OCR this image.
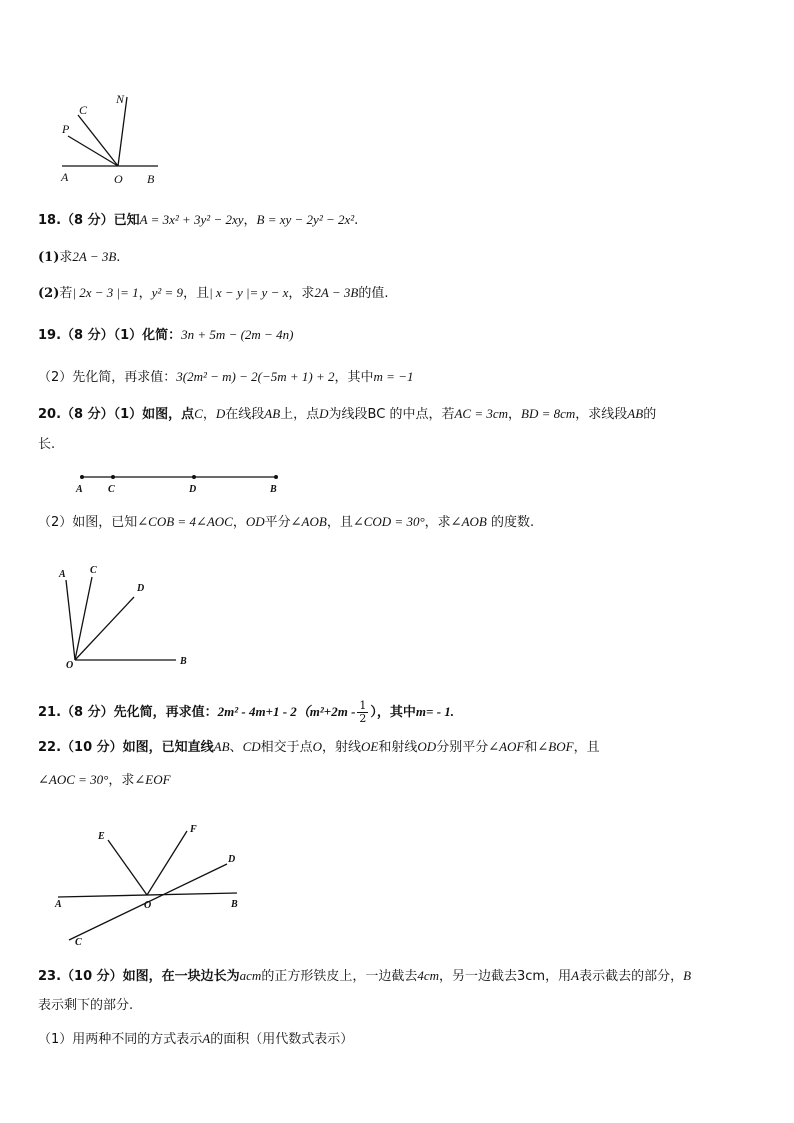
N
C
P
A	O B
18.（8 分）已知A = 3x² + 3y² − 2xy，B = xy − 2y² − 2x².
(1)求2A − 3B.
(2)若| 2x − 3 |= 1，y² = 9，且| x − y |= y − x，求2A − 3B的值.
19.（8 分）（1）化简：3n + 5m − (2m − 4n)
（2）先化简，再求值：3(2m² − m) − 2(−5m + 1) + 2，其中m = −1
20.（8 分）（1）如图，点C，D在线段AB上，点D为线段BC 的中点，若AC = 3cm，BD = 8cm，求线段AB的
长.
A	C	D	B
（2）如图，已知∠COB = 4∠AOC，OD平分∠AOB，且∠COD = 30°，求∠AOB 的度数.
A C
D
O	B
21.（8 分）先化简，再求值：$2m^2 - 4m+1 - 2(m^2+2m - \frac{1}{2}$ ），其中m= - 1.
22.（10 分）如图，已知直线AB、CD相交于点O，射线OE和射线OD分别平分∠AOF和∠BOF，且
∠AOC = 30°，求∠EOF
E
F
D
A	O	B
C
23.（10 分）如图，在一块边长为acm的正方形铁皮上，一边截去4cm，另一边截去3cm，用A表示截去的部分，B
表示剩下的部分.
（1）用两种不同的方式表示A的面积（用代数式表示）
